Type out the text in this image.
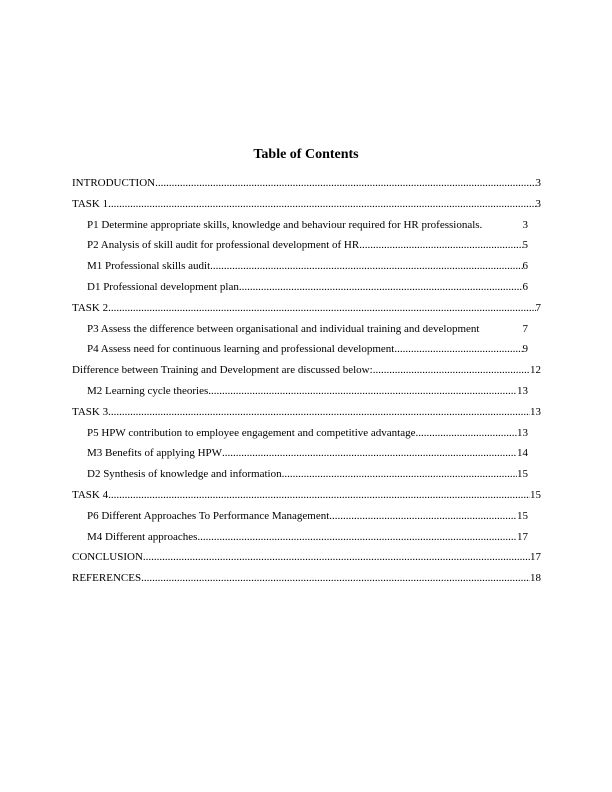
Table of Contents
INTRODUCTION .....	3
TASK 1 .....	3
P1 Determine appropriate skills, knowledge and behaviour required for HR professionals.	3
P2 Analysis of skill audit for professional development of HR .....	5
M1 Professional skills audit .....	6
D1 Professional development plan .....	6
TASK 2 .....	7
P3 Assess the difference between organisational and individual training and development	7
P4 Assess need for continuous learning and professional development .....	9
Difference between Training and Development are discussed below: .....	12
M2 Learning cycle theories .....	13
TASK 3 .....	13
P5 HPW contribution to employee engagement and competitive advantage .....	13
M3 Benefits of applying HPW .....	14
D2 Synthesis of knowledge and information .....	15
TASK 4 .....	15
P6 Different Approaches To Performance Management .....	15
M4 Different approaches .....	17
CONCLUSION .....	17
REFERENCES .....	18
